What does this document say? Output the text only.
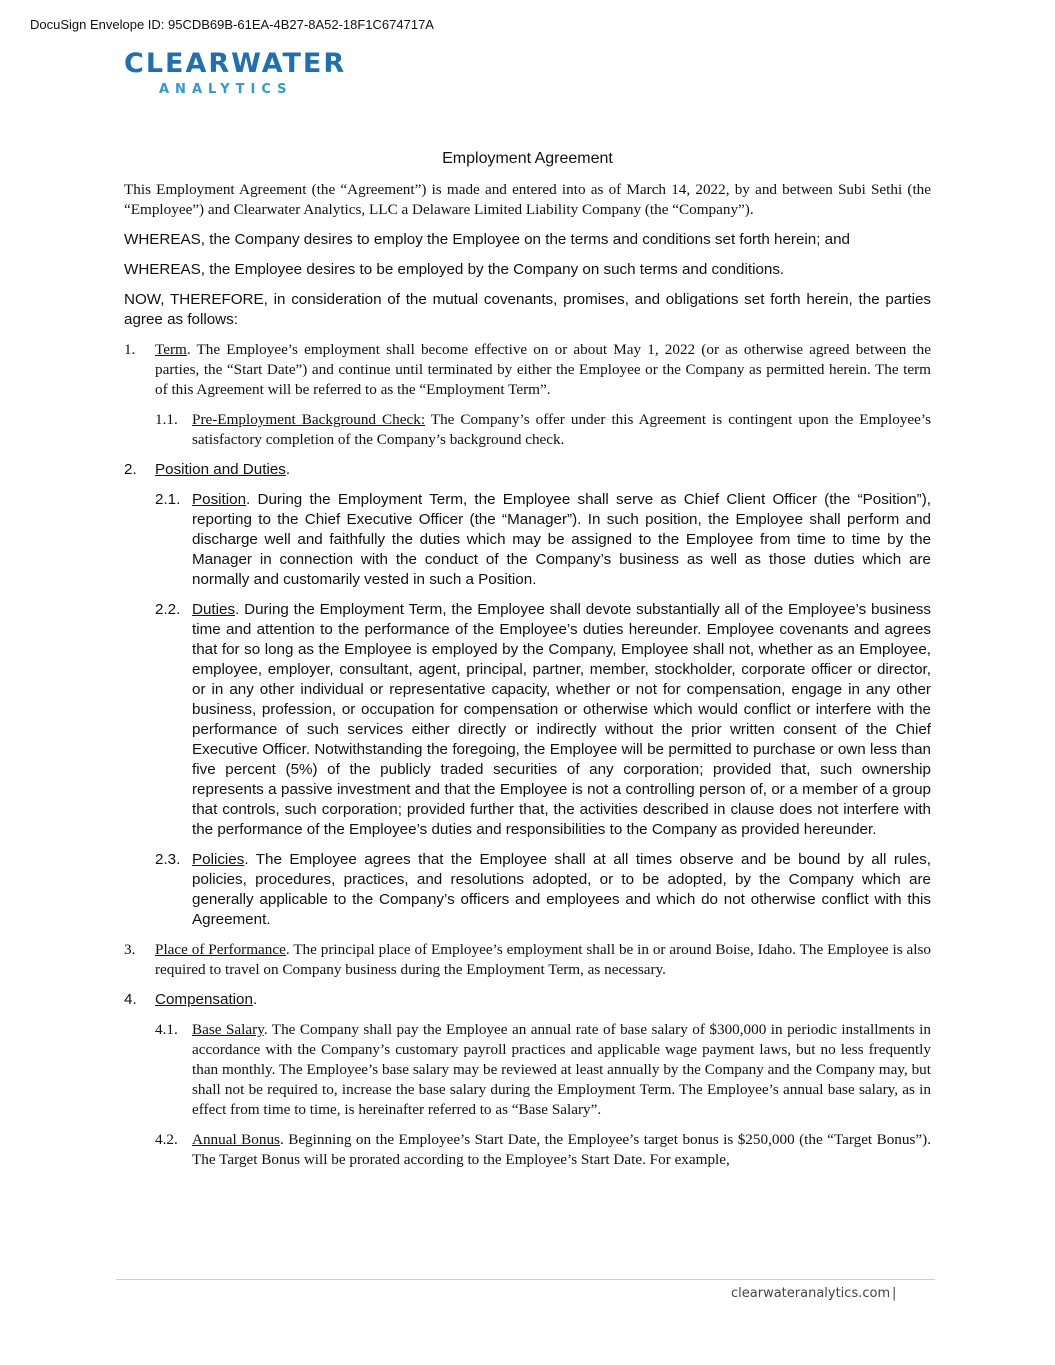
DocuSign Envelope ID: 95CDB69B-61EA-4B27-8A52-18F1C674717A
CLEARWATER
ANALYTICS
Employment Agreement

This Employment Agreement (the “Agreement”) is made and entered into as of March 14, 2022, by and between Subi Sethi (the “Employee”) and Clearwater Analytics, LLC a Delaware Limited Liability Company (the “Company”).

WHEREAS, the Company desires to employ the Employee on the terms and conditions set forth herein; and

WHEREAS, the Employee desires to be employed by the Company on such terms and conditions.

NOW, THEREFORE, in consideration of the mutual covenants, promises, and obligations set forth herein, the parties agree as follows:

1. Term. The Employee’s employment shall become effective on or about May 1, 2022 (or as otherwise agreed between the parties, the “Start Date”) and continue until terminated by either the Employee or the Company as permitted herein. The term of this Agreement will be referred to as the “Employment Term”.
1.1. Pre-Employment Background Check: The Company’s offer under this Agreement is contingent upon the Employee’s satisfactory completion of the Company’s background check.
2. Position and Duties.
2.1. Position. During the Employment Term, the Employee shall serve as Chief Client Officer (the “Position”), reporting to the Chief Executive Officer (the “Manager”). In such position, the Employee shall perform and discharge well and faithfully the duties which may be assigned to the Employee from time to time by the Manager in connection with the conduct of the Company’s business as well as those duties which are normally and customarily vested in such a Position.
2.2. Duties. During the Employment Term, the Employee shall devote substantially all of the Employee’s business time and attention to the performance of the Employee’s duties hereunder. Employee covenants and agrees that for so long as the Employee is employed by the Company, Employee shall not, whether as an Employee, employee, employer, consultant, agent, principal, partner, member, stockholder, corporate officer or director, or in any other individual or representative capacity, whether or not for compensation, engage in any other business, profession, or occupation for compensation or otherwise which would conflict or interfere with the performance of such services either directly or indirectly without the prior written consent of the Chief Executive Officer. Notwithstanding the foregoing, the Employee will be permitted to purchase or own less than five percent (5%) of the publicly traded securities of any corporation; provided that, such ownership represents a passive investment and that the Employee is not a controlling person of, or a member of a group that controls, such corporation; provided further that, the activities described in clause does not interfere with the performance of the Employee’s duties and responsibilities to the Company as provided hereunder.
2.3. Policies. The Employee agrees that the Employee shall at all times observe and be bound by all rules, policies, procedures, practices, and resolutions adopted, or to be adopted, by the Company which are generally applicable to the Company’s officers and employees and which do not otherwise conflict with this Agreement.
3. Place of Performance. The principal place of Employee’s employment shall be in or around Boise, Idaho. The Employee is also required to travel on Company business during the Employment Term, as necessary.
4. Compensation.
4.1. Base Salary. The Company shall pay the Employee an annual rate of base salary of $300,000 in periodic installments in accordance with the Company’s customary payroll practices and applicable wage payment laws, but no less frequently than monthly. The Employee’s base salary may be reviewed at least annually by the Company and the Company may, but shall not be required to, increase the base salary during the Employment Term. The Employee’s annual base salary, as in effect from time to time, is hereinafter referred to as “Base Salary”.
4.2. Annual Bonus. Beginning on the Employee’s Start Date, the Employee’s target bonus is $250,000 (the “Target Bonus”). The Target Bonus will be prorated according to the Employee’s Start Date. For example,
clearwateranalytics.com |
